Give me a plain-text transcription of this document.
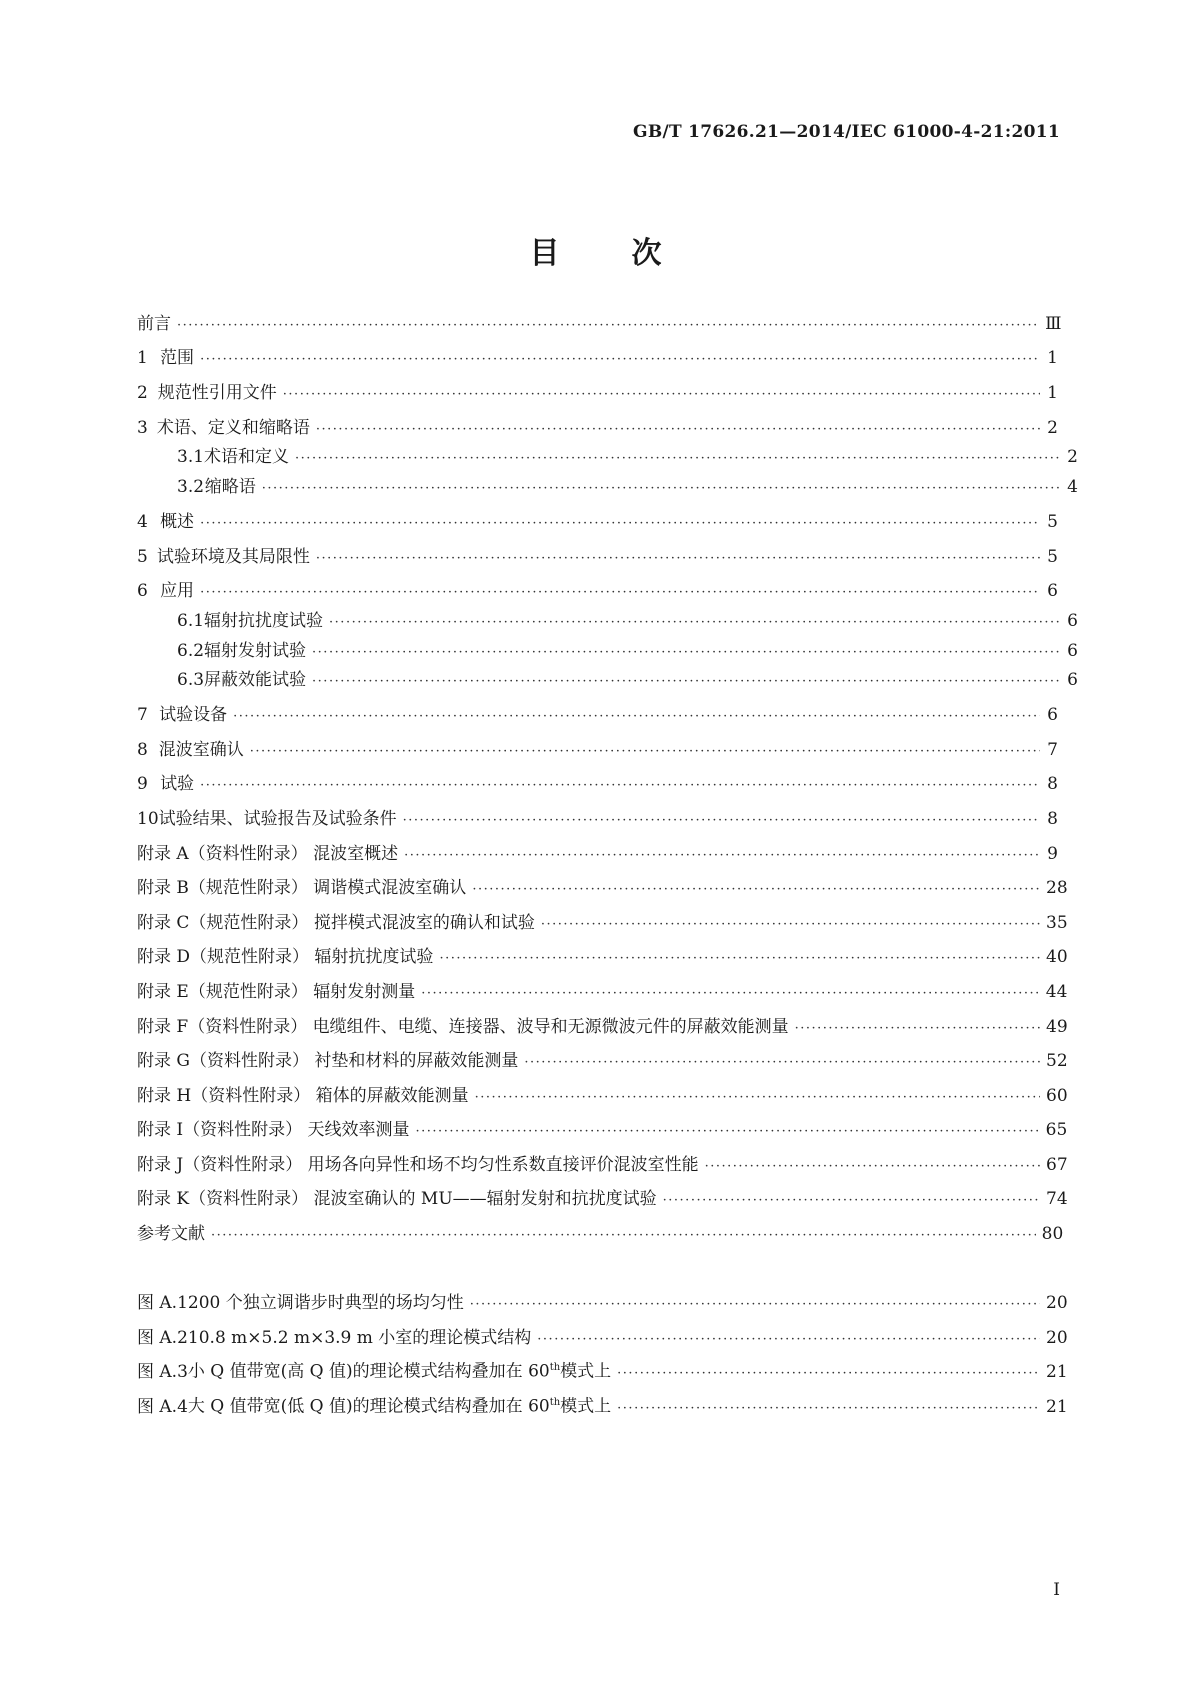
GB/T 17626.21—2014/IEC 61000-4-21:2011
目 次
前言 ·····	Ⅲ
1 范围 ·····	1
2 规范性引用文件 ·····	1
3 术语、定义和缩略语 ·····	2
3.1 术语和定义 ·····	2
3.2 缩略语 ·····	4
4 概述 ·····	5
5 试验环境及其局限性 ·····	5
6 应用 ·····	6
6.1 辐射抗扰度试验 ·····	6
6.2 辐射发射试验 ·····	6
6.3 屏蔽效能试验 ·····	6
7 试验设备 ·····	6
8 混波室确认 ·····	7
9 试验 ·····	8
10 试验结果、试验报告及试验条件 ·····	8
附录 A（资料性附录） 混波室概述 ·····	9
附录 B（规范性附录） 调谐模式混波室确认 ·····	28
附录 C（规范性附录） 搅拌模式混波室的确认和试验 ·····	35
附录 D（规范性附录） 辐射抗扰度试验 ·····	40
附录 E（规范性附录） 辐射发射测量 ·····	44
附录 F（资料性附录） 电缆组件、电缆、连接器、波导和无源微波元件的屏蔽效能测量 ·····	49
附录 G（资料性附录） 衬垫和材料的屏蔽效能测量 ·····	52
附录 H（资料性附录） 箱体的屏蔽效能测量 ·····	60
附录 I（资料性附录） 天线效率测量 ·····	65
附录 J（资料性附录） 用场各向异性和场不均匀性系数直接评价混波室性能 ·····	67
附录 K（资料性附录） 混波室确认的 MU——辐射发射和抗扰度试验 ·····	74
参考文献 ·····	80
图 A.1 200 个独立调谐步时典型的场均匀性 ·····	20
图 A.2 10.8 m×5.2 m×3.9 m 小室的理论模式结构 ·····	20
图 A.3 小 Q 值带宽(高 Q 值)的理论模式结构叠加在 60th模式上 ·····	21
图 A.4 大 Q 值带宽(低 Q 值)的理论模式结构叠加在 60th模式上 ·····	21
I
